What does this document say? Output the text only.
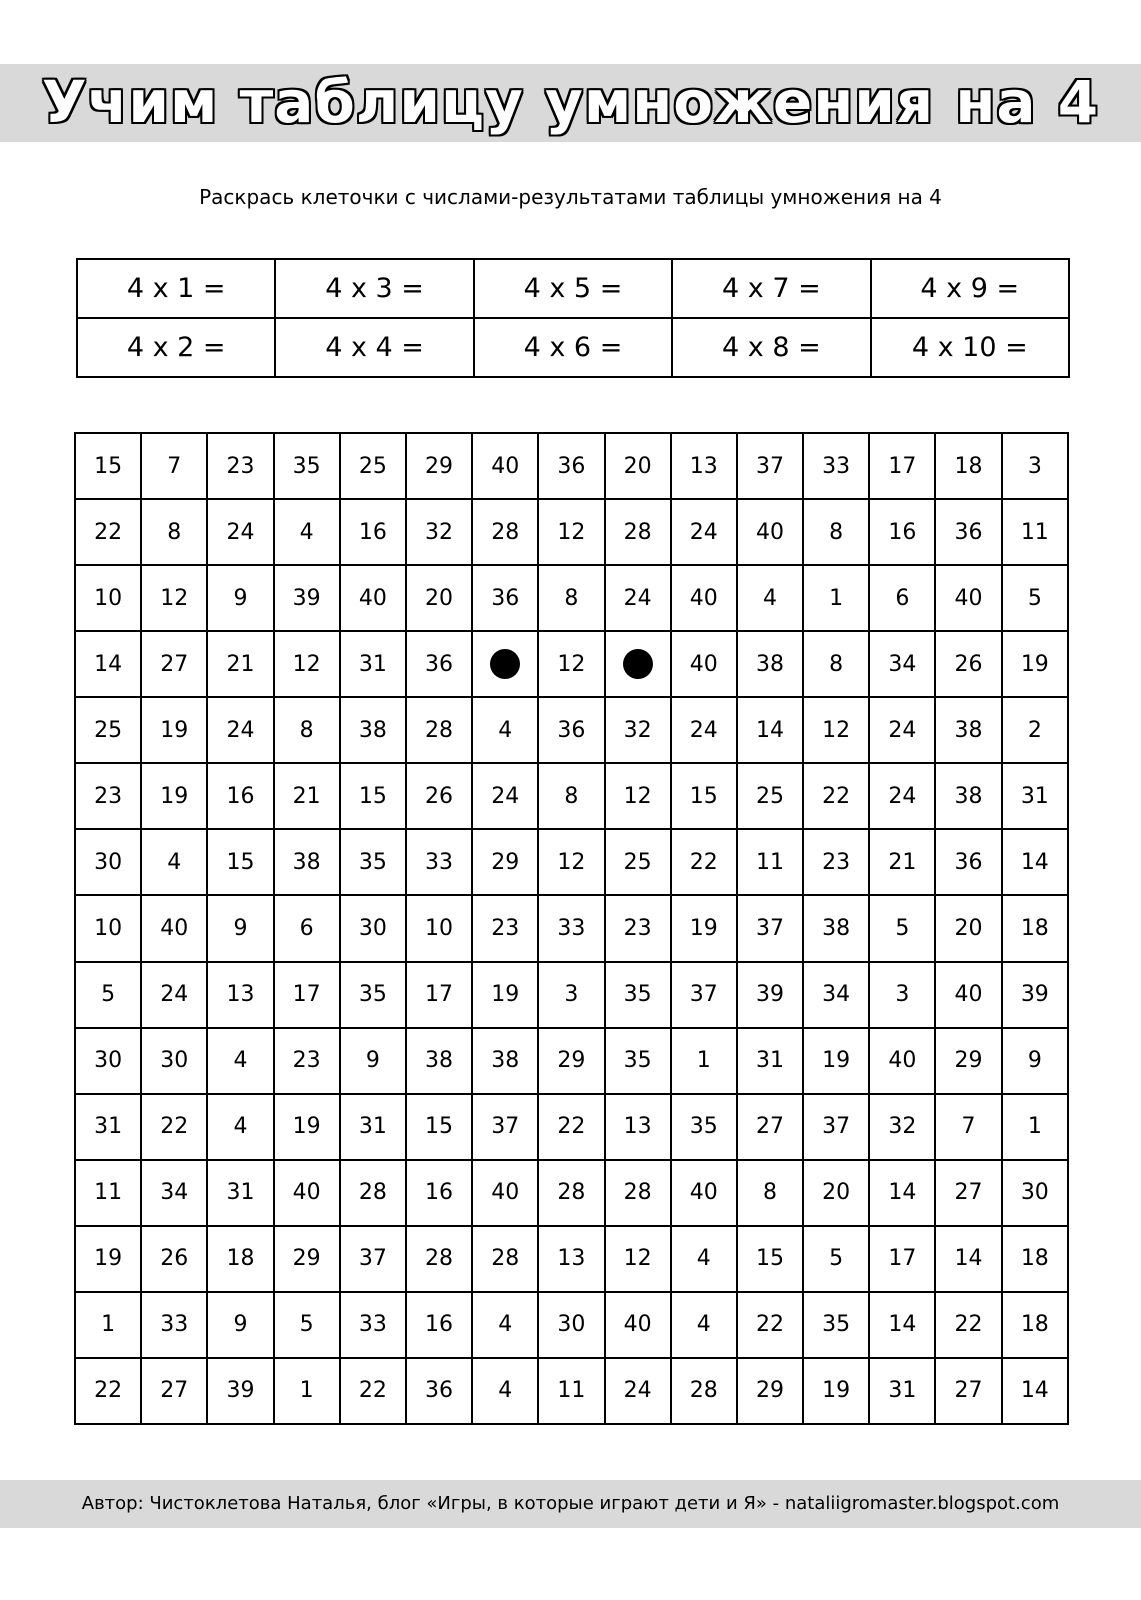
Учим таблицу умножения на 4
Раскрась клеточки с числами-результатами таблицы умножения на 4
4 x 1 =	4 x 3 =	4 x 5 =	4 x 7 =	4 x 9 =
4 x 2 =	4 x 4 =	4 x 6 =	4 x 8 =	4 x 10 =
15	7	23	35	25	29	40	36	20	13	37	33	17	18	3
22	8	24	4	16	32	28	12	28	24	40	8	16	36	11
10	12	9	39	40	20	36	8	24	40	4	1	6	40	5
14	27	21	12	31	36		12		40	38	8	34	26	19
25	19	24	8	38	28	4	36	32	24	14	12	24	38	2
23	19	16	21	15	26	24	8	12	15	25	22	24	38	31
30	4	15	38	35	33	29	12	25	22	11	23	21	36	14
10	40	9	6	30	10	23	33	23	19	37	38	5	20	18
5	24	13	17	35	17	19	3	35	37	39	34	3	40	39
30	30	4	23	9	38	38	29	35	1	31	19	40	29	9
31	22	4	19	31	15	37	22	13	35	27	37	32	7	1
11	34	31	40	28	16	40	28	28	40	8	20	14	27	30
19	26	18	29	37	28	28	13	12	4	15	5	17	14	18
1	33	9	5	33	16	4	30	40	4	22	35	14	22	18
22	27	39	1	22	36	4	11	24	28	29	19	31	27	14
Автор: Чистоклетова Наталья, блог «Игры, в которые играют дети и Я» - nataliigromaster.blogspot.com
